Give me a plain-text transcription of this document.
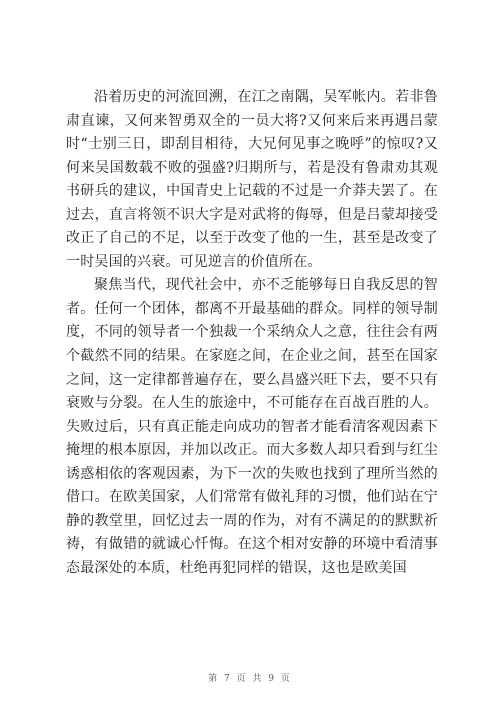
沿着历史的河流回溯，在江之南隅，吴军帐内。若非鲁肃直谏，又何来智勇双全的一员大将?又何来后来再遇吕蒙时“士别三日，即刮目相待，大兄何见事之晚呼”的惊叹?又何来吴国数载不败的强盛?归期所与，若是没有鲁肃劝其观书研兵的建议，中国青史上记载的不过是一介莽夫罢了。在过去，直言将领不识大字是对武将的侮辱，但是吕蒙却接受改正了自己的不足，以至于改变了他的一生，甚至是改变了一时吴国的兴衰。可见逆言的价值所在。

聚焦当代，现代社会中，亦不乏能够每日自我反思的智者。任何一个团体，都离不开最基础的群众。同样的领导制度，不同的领导者一个独裁一个采纳众人之意，往往会有两个截然不同的结果。在家庭之间，在企业之间，甚至在国家之间，这一定律都普遍存在，要么昌盛兴旺下去，要不只有衰败与分裂。在人生的旅途中，不可能存在百战百胜的人。失败过后，只有真正能走向成功的智者才能看清客观因素下掩埋的根本原因，并加以改正。而大多数人却只看到与红尘诱惑相依的客观因素，为下一次的失败也找到了理所当然的借口。在欧美国家，人们常常有做礼拜的习惯，他们站在宁静的教堂里，回忆过去一周的作为，对有不满足的的默默祈祷，有做错的就诚心忏悔。在这个相对安静的环境中看清事态最深处的本质，杜绝再犯同样的错误，这也是欧美国

第 7 页 共 9 页
